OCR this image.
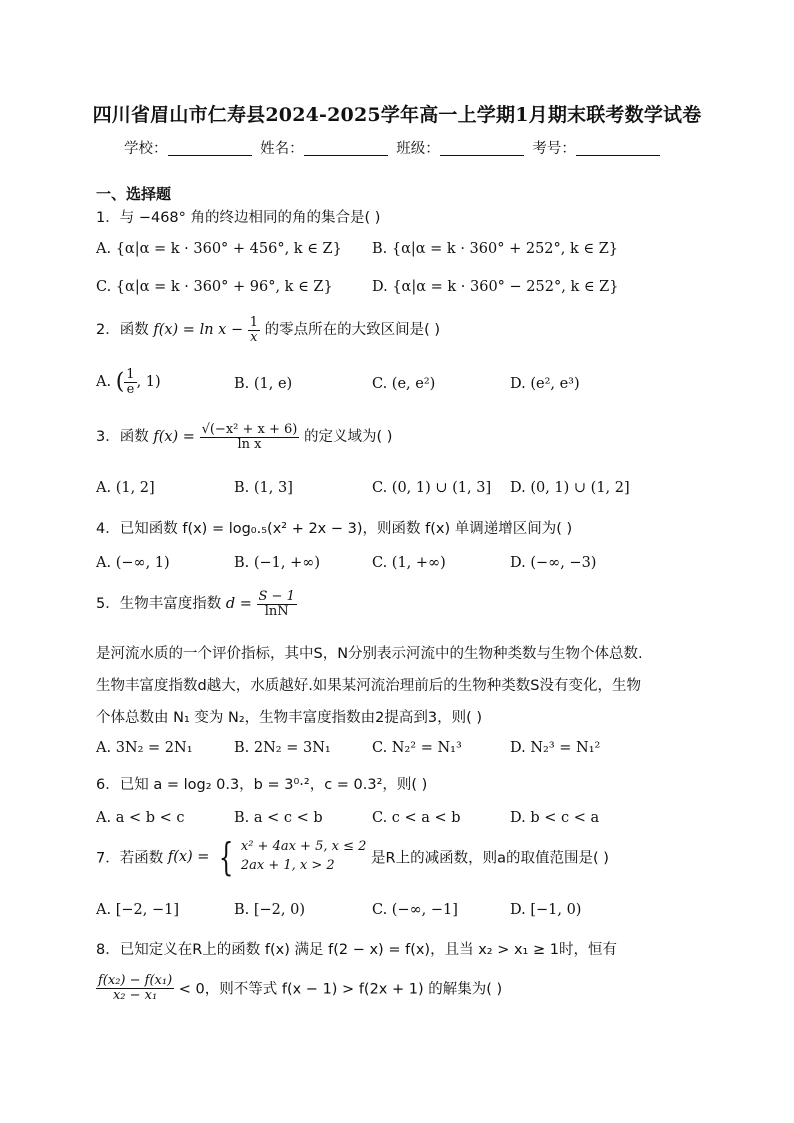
四川省眉山市仁寿县2024-2025学年高一上学期1月期末联考数学试卷
学校：	姓名：	班级：	考号：
一、选择题
1．与 −468° 角的终边相同的角的集合是( )
A. {α|α = k · 360° + 456°, k ∈ Z} B. {α|α = k · 360° + 252°, k ∈ Z}
C. {α|α = k · 360° + 96°, k ∈ Z}	D. {α|α = k · 360° − 252°, k ∈ Z}
2．函数 $f(x) = \ln x - \frac{1}{x}$ 的零点所在的大致区间是( )
A. ( $\frac{1}{e}$ , 1)	B. (1, e)	C. (e, e²)	D. (e², e³)
3．函数 $f(x) = \frac{\text{√(−x² + x + 6)}}{\text{ln x}}$ 的定义域为( )
A. (1, 2]	B. (1, 3]	C. (0, 1) ∪ (1, 3] D. (0, 1) ∪ (1, 2]
4．已知函数 f(x) = log₀.₅(x² + 2x − 3)，则函数 f(x) 单调递增区间为( )
A. (−∞, 1)	B. (−1, +∞)	C. (1, +∞)	D. (−∞, −3)
5．生物丰富度指数 $d = \frac{S - 1}{\ln N}$
是河流水质的一个评价指标，其中S，N分别表示河流中的生物种类数与生物个体总数.
生物丰富度指数d越大，水质越好.如果某河流治理前后的生物种类数S没有变化，生物
个体总数由 N₁ 变为 N₂，生物丰富度指数由2提高到3，则( )
A. 3N₂ = 2N₁	B. 2N₂ = 3N₁	C. N₂² = N₁³	D. N₂³ = N₁²
6．已知 a = log₂ 0.3，b = 3⁰·²，c = 0.3²，则( )
A. a < b < c	B. a < c < b	C. c < a < b	D. b < c < a
7．若函数 f(x) = { x² + 4ax + 5, x ≤ 2
2ax + 1, x > 2	是R上的减函数，则a的取值范围是( )
A. [−2, −1]	B. [−2, 0)	C. (−∞, −1]	D. [−1, 0)
8．已知定义在R上的函数 f(x) 满足 f(2 − x) = f(x)，且当 x₂ > x₁ ≥ 1时，恒有
$\frac{\text{f(x₂) − f(x₁)}}{\text{x₂ − x₁}} < 0$，则不等式 f(x − 1) > f(2x + 1) 的解集为( )
